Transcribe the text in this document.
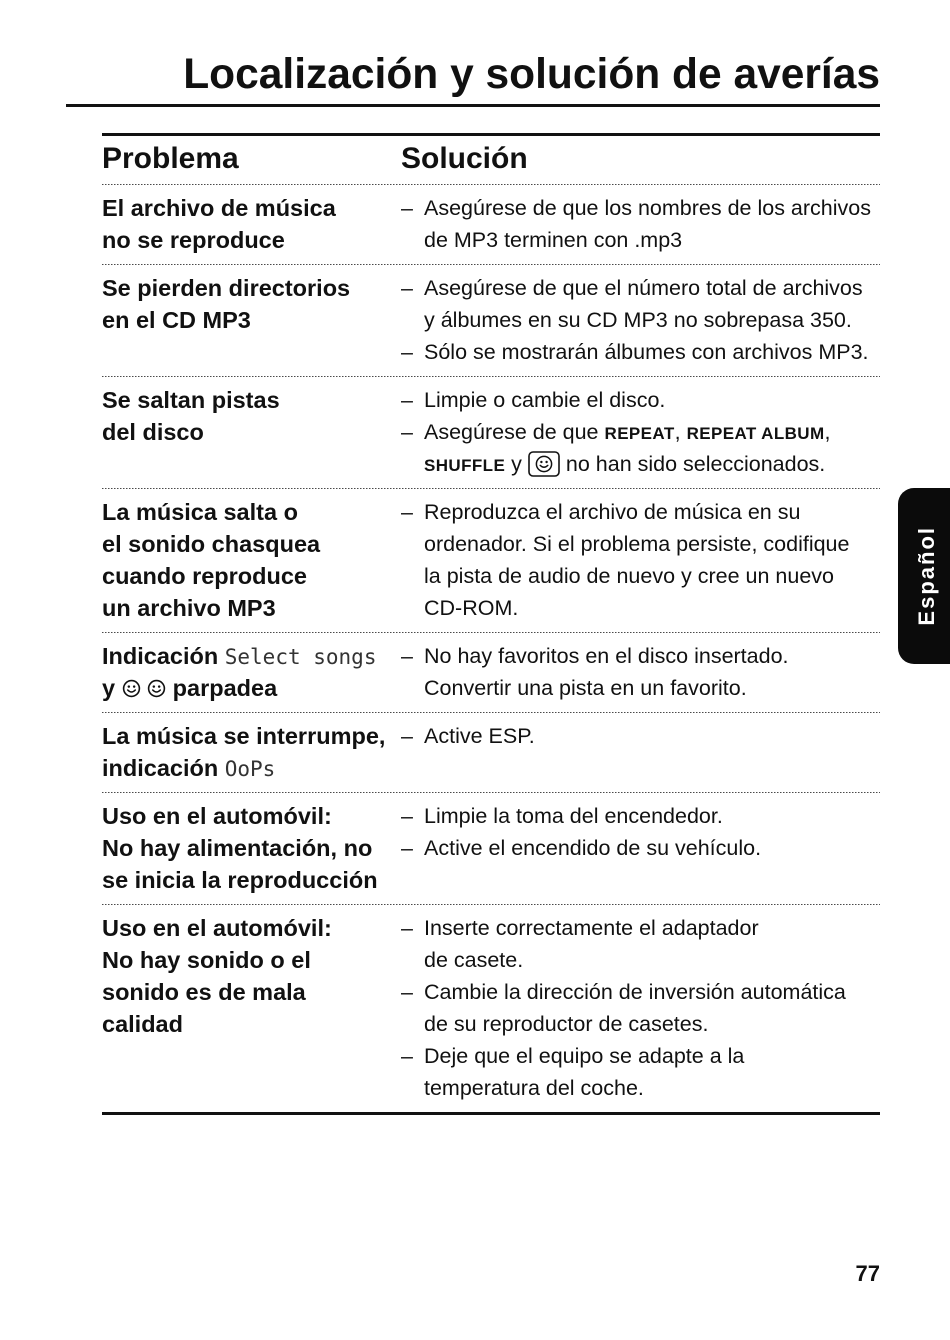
Localización y solución de averías
Problema	Solución
El archivo de música
no se reproduce
– Asegúrese de que los nombres de los archivos
de MP3 terminen con .mp3
Se pierden directorios
en el CD MP3
– Asegúrese de que el número total de archivos
y álbumes en su CD MP3 no sobrepasa 350.
– Sólo se mostrarán álbumes con archivos MP3.
Se saltan pistas
del disco
– Limpie o cambie el disco.
– Asegúrese de que REPEAT, REPEAT ALBUM,
SHUFFLE y no han sido seleccionados.
La música salta o
el sonido chasquea
cuando reproduce
un archivo MP3
– Reproduzca el archivo de música en su
ordenador. Si el problema persiste, codifique
la pista de audio de nuevo y cree un nuevo
CD-ROM.
Indicación Select songs
y parpadea
– No hay favoritos en el disco insertado.
Convertir una pista en un favorito.
La música se interrumpe,
indicación OoPs
– Active ESP.
Uso en el automóvil:
No hay alimentación, no
se inicia la reproducción
– Limpie la toma del encendedor.
– Active el encendido de su vehículo.
Uso en el automóvil:
No hay sonido o el
sonido es de mala
calidad
– Inserte correctamente el adaptador
de casete.
– Cambie la dirección de inversión automática
de su reproductor de casetes.
– Deje que el equipo se adapte a la
temperatura del coche.
Español
77
